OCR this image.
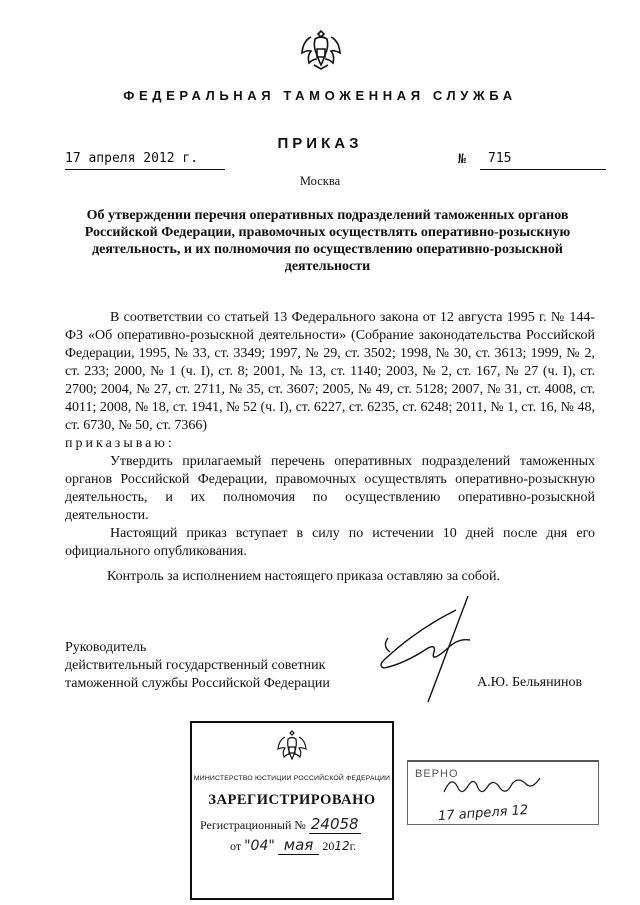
ФЕДЕРАЛЬНАЯ ТАМОЖЕННАЯ СЛУЖБА
ПРИКАЗ
17 апреля 2012 г.	№	715
Москва
Об утверждении перечня оперативных подразделений таможенных органов
Российской Федерации, правомочных осуществлять оперативно-розыскную
деятельность, и их полномочия по осуществлению оперативно-розыскной
деятельности

В соответствии со статьей 13 Федерального закона от 12 августа 1995 г. № 144-ФЗ «Об оперативно-розыскной деятельности» (Собрание законодательства Российской Федерации, 1995, № 33, ст. 3349; 1997, № 29, ст. 3502; 1998, № 30, ст. 3613; 1999, № 2, ст. 233; 2000, № 1 (ч. I), ст. 8; 2001, № 13, ст. 1140; 2003, № 2, ст. 167, № 27 (ч. I), ст. 2700; 2004, № 27, ст. 2711, № 35, ст. 3607; 2005, № 49, ст. 5128; 2007, № 31, ст. 4008, ст. 4011; 2008, № 18, ст. 1941, № 52 (ч. I), ст. 6227, ст. 6235, ст. 6248; 2011, № 1, ст. 16, № 48, ст. 6730, № 50, ст. 7366)

приказываю:

Утвердить прилагаемый перечень оперативных подразделений таможенных органов Российской Федерации, правомочных осуществлять оперативно-розыскную деятельность, и их полномочия по осуществлению оперативно-розыскной деятельности.

Настоящий приказ вступает в силу по истечении 10 дней после дня его официального опубликования.

Контроль за исполнением настоящего приказа оставляю за собой.
Руководитель
действительный государственный советник
таможенной службы Российской Федерации	А.Ю. Бельянинов
МИНИСТЕРСТВО ЮСТИЦИИ РОССИЙСКОЙ ФЕДЕРАЦИИ
ЗАРЕГИСТРИРОВАНО
Регистрационный № 24058
от "04" мая 2012г.
ВЕРНО
17 апреля 12
